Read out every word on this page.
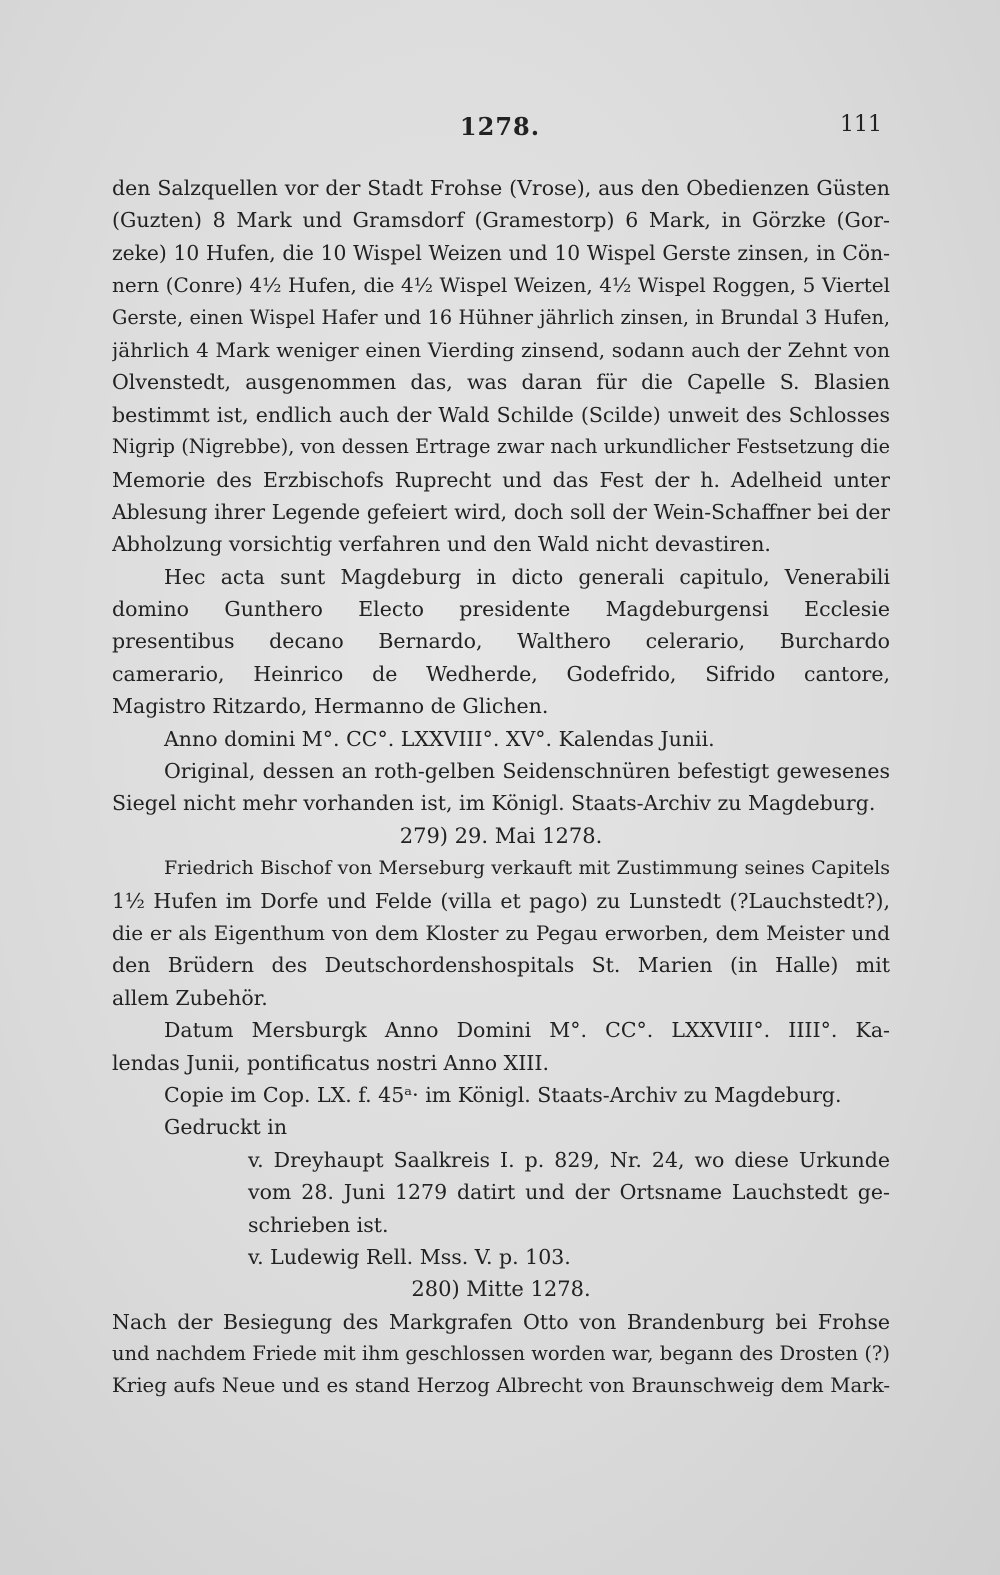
1278.	111
den Salzquellen vor der Stadt Frohse (Vrose), aus den Obedienzen Güsten
(Guzten) 8 Mark und Gramsdorf (Gramestorp) 6 Mark, in Görzke (Gor-
zeke) 10 Hufen, die 10 Wispel Weizen und 10 Wispel Gerste zinsen, in Cön-
nern (Conre) 4½ Hufen, die 4½ Wispel Weizen, 4½ Wispel Roggen, 5 Viertel
Gerste, einen Wispel Hafer und 16 Hühner jährlich zinsen, in Brundal 3 Hufen,
jährlich 4 Mark weniger einen Vierding zinsend, sodann auch der Zehnt von
Olvenstedt, ausgenommen das, was daran für die Capelle S. Blasien
bestimmt ist, endlich auch der Wald Schilde (Scilde) unweit des Schlosses
Nigrip (Nigrebbe), von dessen Ertrage zwar nach urkundlicher Festsetzung die
Memorie des Erzbischofs Ruprecht und das Fest der h. Adelheid unter
Ablesung ihrer Legende gefeiert wird, doch soll der Wein-Schaffner bei der
Abholzung vorsichtig verfahren und den Wald nicht devastiren.
Hec acta sunt Magdeburg in dicto generali capitulo, Venerabili
domino Gunthero Electo presidente Magdeburgensi Ecclesie
presentibus decano Bernardo, Walthero celerario, Burchardo
camerario, Heinrico de Wedherde, Godefrido, Sifrido cantore,
Magistro Ritzardo, Hermanno de Glichen.
Anno domini M°. CC°. LXXVIII°. XV°. Kalendas Junii.
Original, dessen an roth-gelben Seidenschnüren befestigt gewesenes
Siegel nicht mehr vorhanden ist, im Königl. Staats-Archiv zu Magdeburg.
279) 29. Mai 1278.
Friedrich Bischof von Merseburg verkauft mit Zustimmung seines Capitels
1½ Hufen im Dorfe und Felde (villa et pago) zu Lunstedt (?Lauchstedt?),
die er als Eigenthum von dem Kloster zu Pegau erworben, dem Meister und
den Brüdern des Deutschordenshospitals St. Marien (in Halle) mit
allem Zubehör.
Datum Mersburgk Anno Domini M°. CC°. LXXVIII°. IIII°. Ka-
lendas Junii, pontificatus nostri Anno XIII.
Copie im Cop. LX. f. 45ᵃ· im Königl. Staats-Archiv zu Magdeburg.
Gedruckt in
v. Dreyhaupt Saalkreis I. p. 829, Nr. 24, wo diese Urkunde
vom 28. Juni 1279 datirt und der Ortsname Lauchstedt ge-
schrieben ist.
v. Ludewig Rell. Mss. V. p. 103.
280) Mitte 1278.
Nach der Besiegung des Markgrafen Otto von Brandenburg bei Frohse
und nachdem Friede mit ihm geschlossen worden war, begann des Drosten (?)
Krieg aufs Neue und es stand Herzog Albrecht von Braunschweig dem Mark-
